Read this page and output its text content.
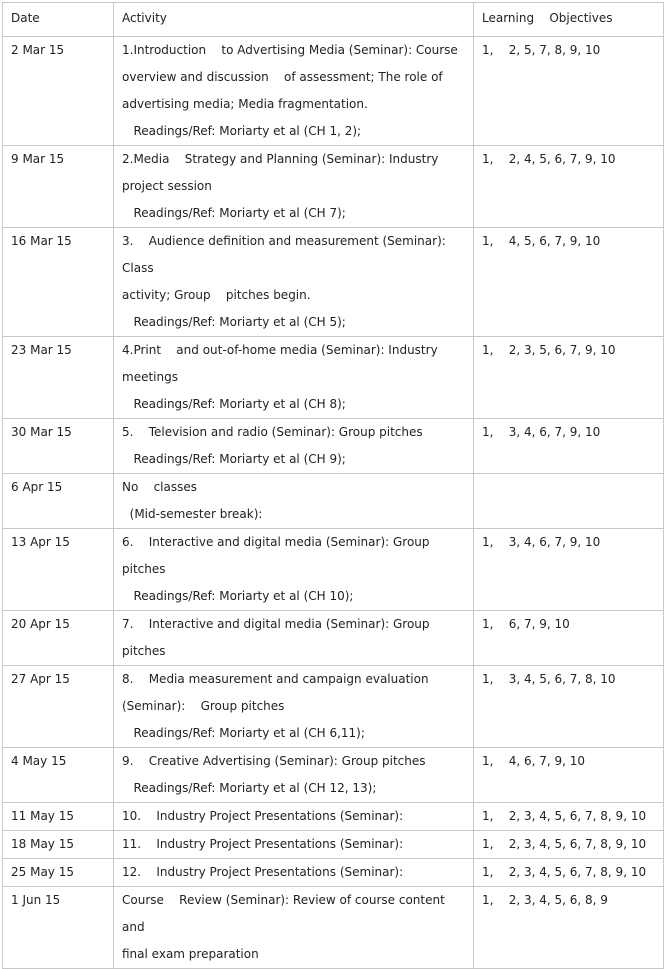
Date	Activity	Learning    Objectives
2 Mar 15	1.Introduction    to Advertising Media (Seminar): Course
overview and discussion    of assessment; The role of
advertising media; Media fragmentation.
Readings/Ref: Moriarty et al (CH 1, 2);	1,    2, 5, 7, 8, 9, 10
9 Mar 15	2.Media    Strategy and Planning (Seminar): Industry
project session
Readings/Ref: Moriarty et al (CH 7);	1,    2, 4, 5, 6, 7, 9, 10
16 Mar 15	3.    Audience definition and measurement (Seminar): Class
activity; Group    pitches begin.
Readings/Ref: Moriarty et al (CH 5);	1,    4, 5, 6, 7, 9, 10
23 Mar 15	4.Print    and out-of-home media (Seminar): Industry
meetings
Readings/Ref: Moriarty et al (CH 8);	1,    2, 3, 5, 6, 7, 9, 10
30 Mar 15	5.    Television and radio (Seminar): Group pitches
Readings/Ref: Moriarty et al (CH 9);	1,    3, 4, 6, 7, 9, 10
6 Apr 15	No    classes
(Mid-semester break):	

13 Apr 15	6.    Interactive and digital media (Seminar): Group
pitches
Readings/Ref: Moriarty et al (CH 10);	1,    3, 4, 6, 7, 9, 10
20 Apr 15	7.    Interactive and digital media (Seminar): Group pitches	1,    6, 7, 9, 10
27 Apr 15	8.    Media measurement and campaign evaluation
(Seminar):    Group pitches
Readings/Ref: Moriarty et al (CH 6,11);	1,    3, 4, 5, 6, 7, 8, 10
4 May 15	9.    Creative Advertising (Seminar): Group pitches
Readings/Ref: Moriarty et al (CH 12, 13);	1,    4, 6, 7, 9, 10
11 May 15	10.    Industry Project Presentations (Seminar):	1,    2, 3, 4, 5, 6, 7, 8, 9, 10
18 May 15	11.    Industry Project Presentations (Seminar):	1,    2, 3, 4, 5, 6, 7, 8, 9, 10
25 May 15	12.    Industry Project Presentations (Seminar):	1,    2, 3, 4, 5, 6, 7, 8, 9, 10
1 Jun 15	Course    Review (Seminar): Review of course content and
final exam preparation	1,    2, 3, 4, 5, 6, 8, 9
